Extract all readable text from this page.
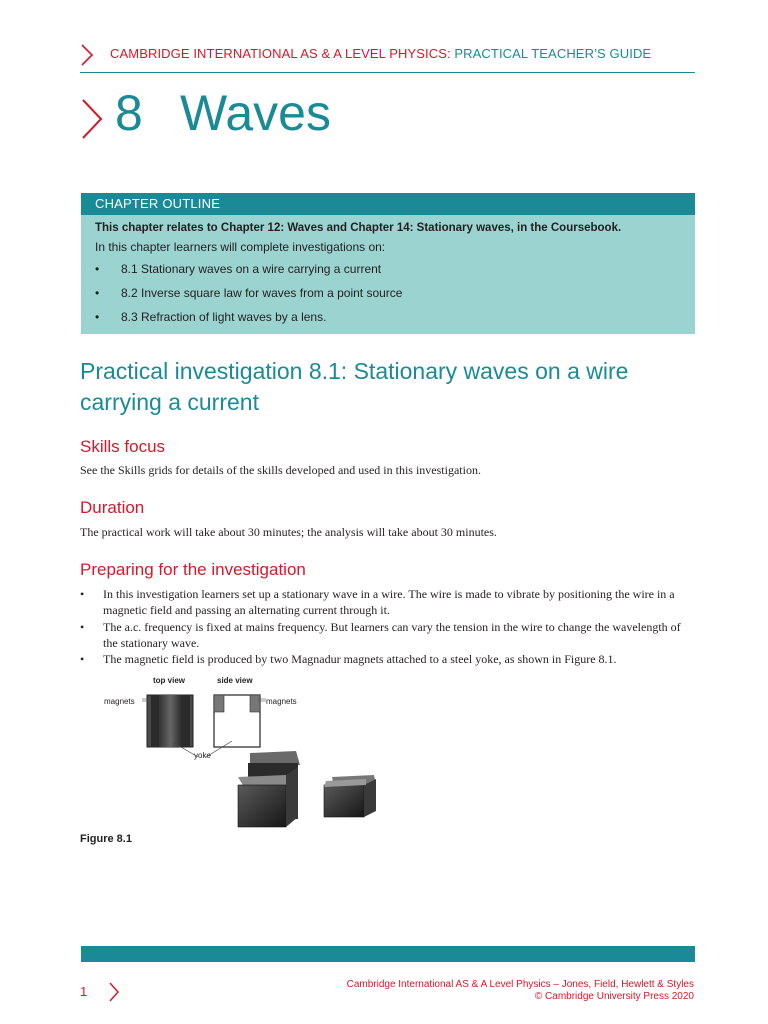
CAMBRIDGE INTERNATIONAL AS & A LEVEL PHYSICS: PRACTICAL TEACHER’S GUIDE
8 Waves
CHAPTER OUTLINE
This chapter relates to Chapter 12: Waves and Chapter 14: Stationary waves, in the Coursebook.
In this chapter learners will complete investigations on:
• 8.1 Stationary waves on a wire carrying a current
• 8.2 Inverse square law for waves from a point source
• 8.3 Refraction of light waves by a lens.
Practical investigation 8.1: Stationary waves on a wire carrying a current
Skills focus
See the Skills grids for details of the skills developed and used in this investigation.
Duration
The practical work will take about 30 minutes; the analysis will take about 30 minutes.
Preparing for the investigation
• In this investigation learners set up a stationary wave in a wire. The wire is made to vibrate by positioning the wire in a magnetic field and passing an alternating current through it.
• The a.c. frequency is fixed at mains frequency. But learners can vary the tension in the wire to change the wavelength of the stationary wave.
• The magnetic field is produced by two Magnadur magnets attached to a steel yoke, as shown in Figure 8.1.
top view	side view
magnets	magnets
yoke
Figure 8.1
1	Cambridge International AS & A Level Physics – Jones, Field, Hewlett & Styles
© Cambridge University Press 2020
